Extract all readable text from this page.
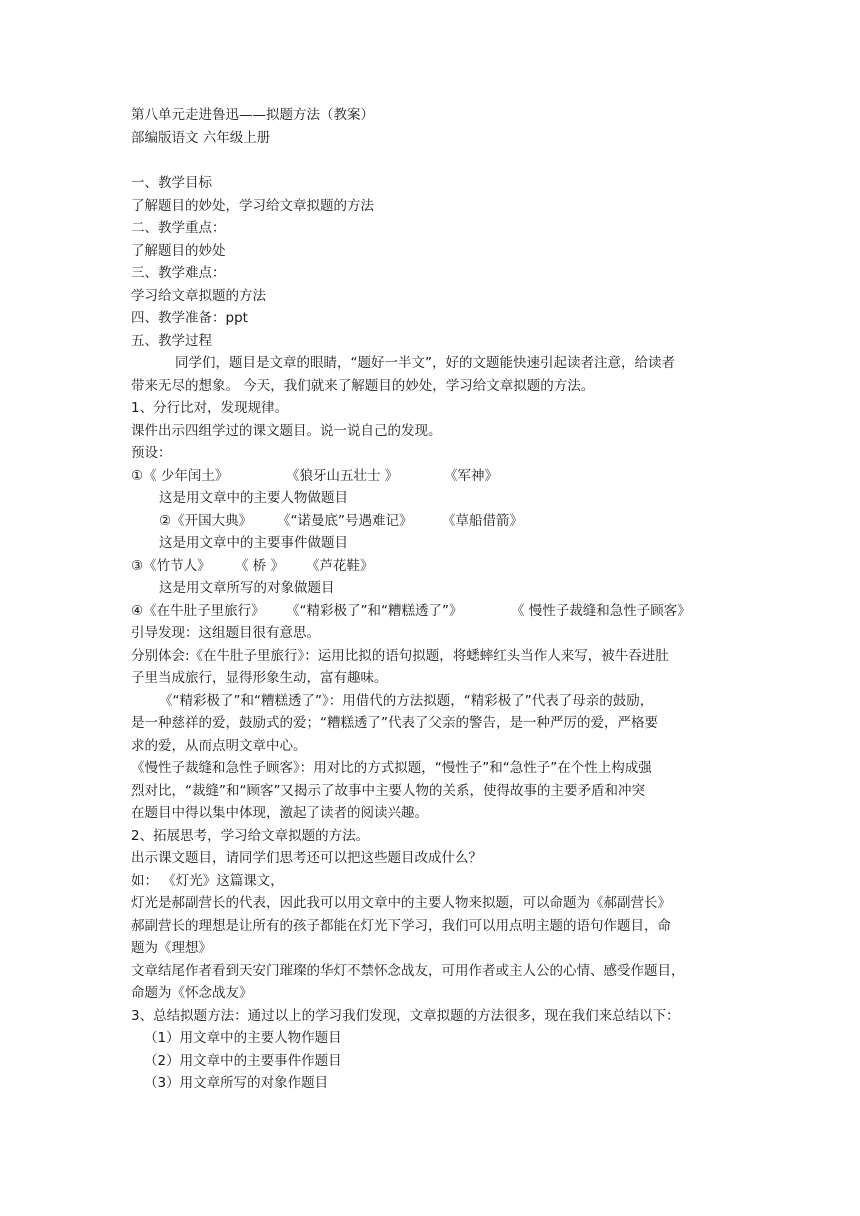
第八单元走进鲁迅——拟题方法（教案）
部编版语文 六年级上册
一、教学目标
了解题目的妙处，学习给文章拟题的方法
二、教学重点：
了解题目的妙处
三、教学难点：
学习给文章拟题的方法
四、教学准备：ppt
五、教学过程
同学们，题目是文章的眼睛，“题好一半文”，好的文题能快速引起读者注意，给读者
带来无尽的想象。 今天，我们就来了解题目的妙处，学习给文章拟题的方法。
1、分行比对，发现规律。
课件出示四组学过的课文题目。说一说自己的发现。
预设：
①《 少年闰土》	《狼牙山五壮士 》	《军神》
这是用文章中的主要人物做题目
②《开国大典》 《“诺曼底”号遇难记》 《草船借箭》
这是用文章中的主要事件做题目
③《竹节人》 《 桥 》 《芦花鞋》
这是用文章所写的对象做题目
④《在牛肚子里旅行》 《“精彩极了”和“糟糕透了”》	《 慢性子裁缝和急性子顾客》
引导发现：这组题目很有意思。
分别体会:《在牛肚子里旅行》：运用比拟的语句拟题，将蟋蟀红头当作人来写，被牛吞进肚
子里当成旅行，显得形象生动，富有趣味。
《“精彩极了”和“糟糕透了”》：用借代的方法拟题，“精彩极了”代表了母亲的鼓励，
是一种慈祥的爱，鼓励式的爱；“糟糕透了”代表了父亲的警告，是一种严厉的爱，严格要
求的爱，从而点明文章中心。
《慢性子裁缝和急性子顾客》：用对比的方式拟题，“慢性子”和“急性子”在个性上构成强
烈对比，“裁缝”和“顾客”又揭示了故事中主要人物的关系，使得故事的主要矛盾和冲突
在题目中得以集中体现，激起了读者的阅读兴趣。
2、拓展思考，学习给文章拟题的方法。
出示课文题目，请同学们思考还可以把这些题目改成什么？
如： 《灯光》这篇课文，
灯光是郝副营长的代表，因此我可以用文章中的主要人物来拟题，可以命题为《郝副营长》
郝副营长的理想是让所有的孩子都能在灯光下学习，我们可以用点明主题的语句作题目，命
题为《理想》
文章结尾作者看到天安门璀璨的华灯不禁怀念战友，可用作者或主人公的心情、感受作题目，
命题为《怀念战友》
3、总结拟题方法：通过以上的学习我们发现，文章拟题的方法很多，现在我们来总结以下：
（1）用文章中的主要人物作题目
（2）用文章中的主要事件作题目
（3）用文章所写的对象作题目
